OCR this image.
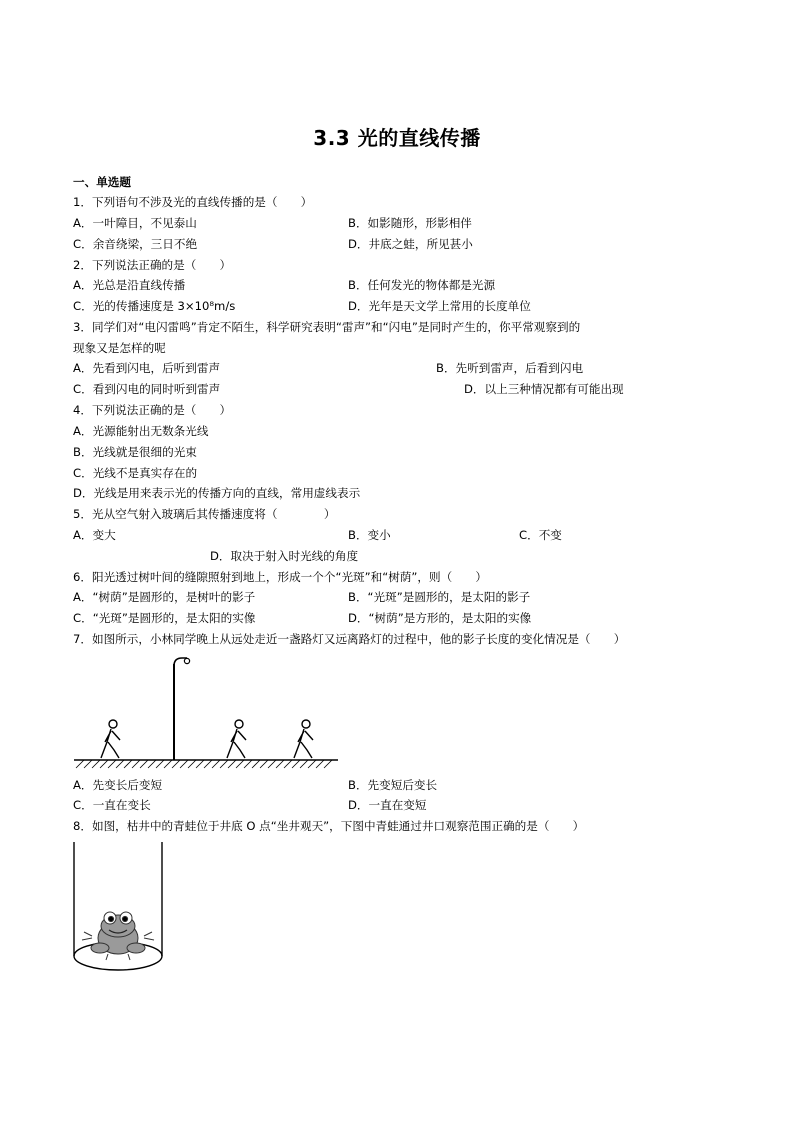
3.3 光的直线传播
一、单选题
1．下列语句不涉及光的直线传播的是（　　）
A．一叶障目，不见泰山	B．如影随形，形影相伴
C．余音绕梁，三日不绝	D．井底之蛙，所见甚小
2．下列说法正确的是（　　）
A．光总是沿直线传播	B．任何发光的物体都是光源
C．光的传播速度是 3×10⁸m/s	D．光年是天文学上常用的长度单位
3．同学们对“电闪雷鸣”肯定不陌生，科学研究表明“雷声”和“闪电”是同时产生的，你平常观察到的
现象又是怎样的呢
A．先看到闪电，后听到雷声	B．先听到雷声，后看到闪电
C．看到闪电的同时听到雷声	D．以上三种情况都有可能出现
4．下列说法正确的是（　　）
A．光源能射出无数条光线
B．光线就是很细的光束
C．光线不是真实存在的
D．光线是用来表示光的传播方向的直线，常用虚线表示
5．光从空气射入玻璃后其传播速度将（　　　　）
A．变大	B．变小	C．不变
D．取决于射入时光线的角度
6．阳光透过树叶间的缝隙照射到地上，形成一个个“光斑”和“树荫”，则（　　）
A．“树荫”是圆形的，是树叶的影子	B．“光斑”是圆形的，是太阳的影子
C．“光斑”是圆形的，是太阳的实像	D．“树荫”是方形的，是太阳的实像
7．如图所示，小林同学晚上从远处走近一盏路灯又远离路灯的过程中，他的影子长度的变化情况是（　　）
A．先变长后变短	B．先变短后变长
C．一直在变长	D．一直在变短
8．如图，枯井中的青蛙位于井底 O 点“坐井观天”，下图中青蛙通过井口观察范围正确的是（　　）
